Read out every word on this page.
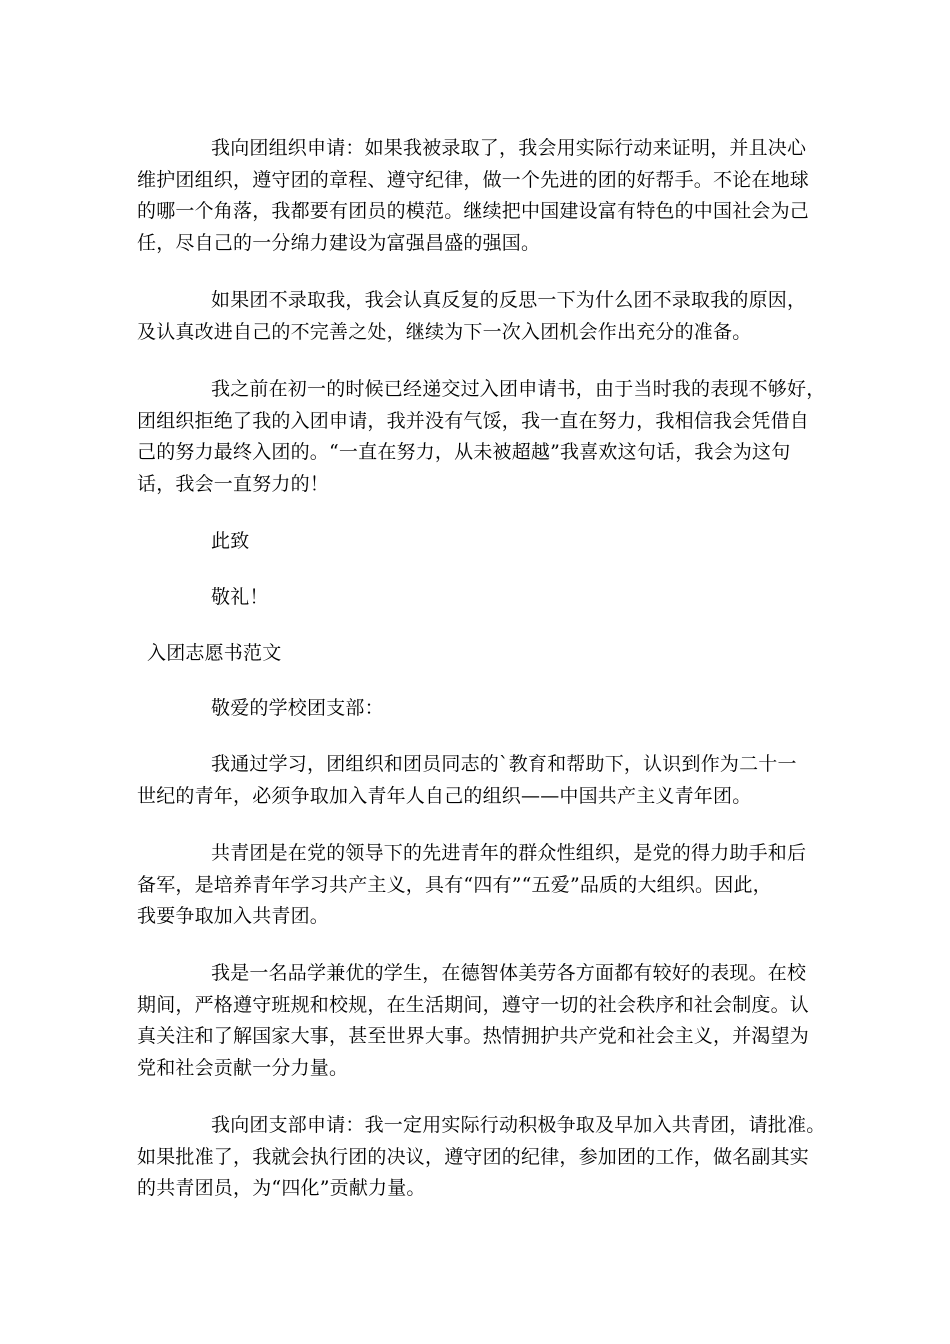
我向团组织申请：如果我被录取了，我会用实际行动来证明，并且决心
维护团组织，遵守团的章程、遵守纪律，做一个先进的团的好帮手。不论在地球
的哪一个角落，我都要有团员的模范。继续把中国建设富有特色的中国社会为己
任，尽自己的一分绵力建设为富强昌盛的强国。
如果团不录取我，我会认真反复的反思一下为什么团不录取我的原因，
及认真改进自己的不完善之处，继续为下一次入团机会作出充分的准备。
我之前在初一的时候已经递交过入团申请书，由于当时我的表现不够好，
团组织拒绝了我的入团申请，我并没有气馁，我一直在努力，我相信我会凭借自
己的努力最终入团的。“一直在努力，从未被超越”我喜欢这句话，我会为这句
话，我会一直努力的！
此致
敬礼！
入团志愿书范文
敬爱的学校团支部：
我通过学习，团组织和团员同志的`教育和帮助下，认识到作为二十一
世纪的青年，必须争取加入青年人自己的组织——中国共产主义青年团。
共青团是在党的领导下的先进青年的群众性组织，是党的得力助手和后
备军，是培养青年学习共产主义，具有“四有”“五爱”品质的大组织。因此，
我要争取加入共青团。
我是一名品学兼优的学生，在德智体美劳各方面都有较好的表现。在校
期间，严格遵守班规和校规，在生活期间，遵守一切的社会秩序和社会制度。认
真关注和了解国家大事，甚至世界大事。热情拥护共产党和社会主义，并渴望为
党和社会贡献一分力量。
我向团支部申请：我一定用实际行动积极争取及早加入共青团，请批准。
如果批准了，我就会执行团的决议，遵守团的纪律，参加团的工作，做名副其实
的共青团员，为“四化”贡献力量。
